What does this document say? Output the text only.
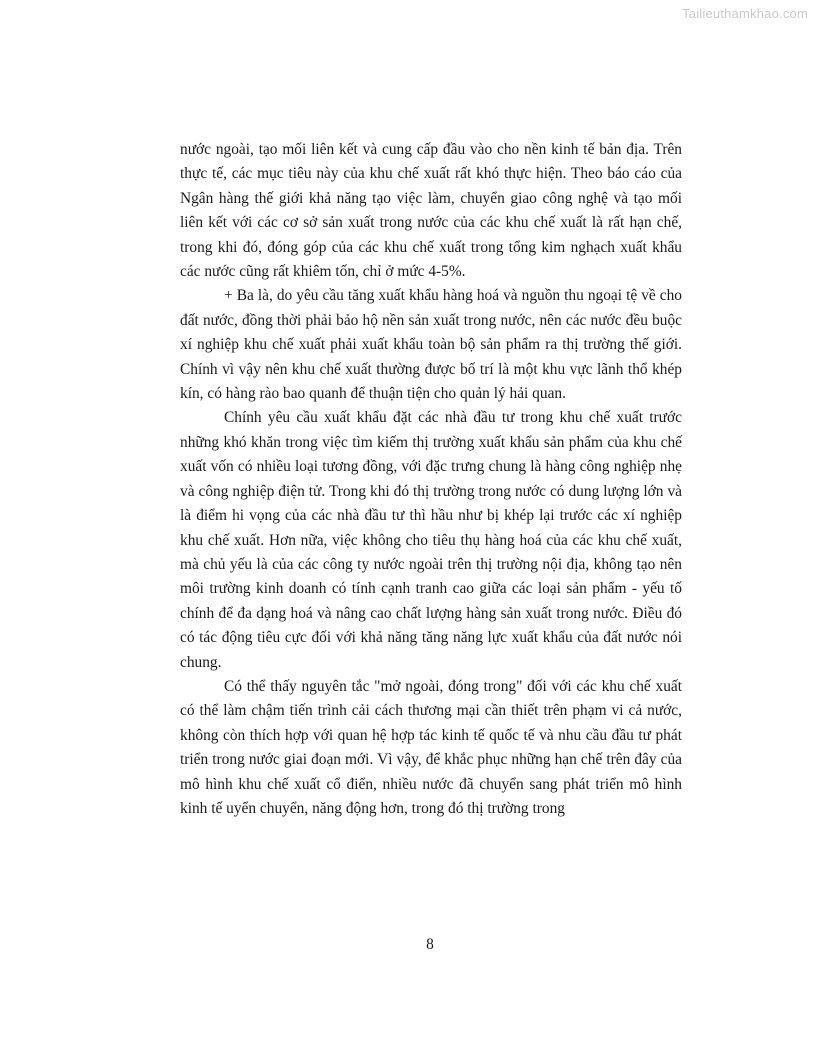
Tailieuthamkhao.com

nước ngoài, tạo mối liên kết và cung cấp đầu vào cho nền kinh tế bản địa. Trên thực tế, các mục tiêu này của khu chế xuất rất khó thực hiện. Theo báo cáo của Ngân hàng thế giới khả năng tạo việc làm, chuyển giao công nghệ và tạo mối liên kết với các cơ sở sản xuất trong nước của các khu chế xuất là rất hạn chế, trong khi đó, đóng góp của các khu chế xuất trong tổng kim nghạch xuất khẩu các nước cũng rất khiêm tốn, chỉ ở mức 4-5%.

+ Ba là, do yêu cầu tăng xuất khẩu hàng hoá và nguồn thu ngoại tệ về cho đất nước, đồng thời phải bảo hộ nền sản xuất trong nước, nên các nước đều buộc xí nghiệp khu chế xuất phải xuất khẩu toàn bộ sản phẩm ra thị trường thế giới. Chính vì vậy nên khu chế xuất thường được bố trí là một khu vực lãnh thổ khép kín, có hàng rào bao quanh để thuận tiện cho quản lý hải quan.

Chính yêu cầu xuất khẩu đặt các nhà đầu tư trong khu chế xuất trước những khó khăn trong việc tìm kiếm thị trường xuất khẩu sản phẩm của khu chế xuất vốn có nhiều loại tương đồng, với đặc trưng chung là hàng công nghiệp nhẹ và công nghiệp điện tử. Trong khi đó thị trường trong nước có dung lượng lớn và là điểm hi vọng của các nhà đầu tư thì hầu như bị khép lại trước các xí nghiệp khu chế xuất. Hơn nữa, việc không cho tiêu thụ hàng hoá của các khu chế xuất, mà chủ yếu là của các công ty nước ngoài trên thị trường nội địa, không tạo nên môi trường kinh doanh có tính cạnh tranh cao giữa các loại sản phẩm - yếu tố chính để đa dạng hoá và nâng cao chất lượng hàng sản xuất trong nước. Điều đó có tác động tiêu cực đối với khả năng tăng năng lực xuất khẩu của đất nước nói chung.

Có thể thấy nguyên tắc "mở ngoài, đóng trong" đối với các khu chế xuất có thể làm chậm tiến trình cải cách thương mại cần thiết trên phạm vi cả nước, không còn thích hợp với quan hệ hợp tác kinh tế quốc tế và nhu cầu đầu tư phát triển trong nước giai đoạn mới. Vì vậy, để khắc phục những hạn chế trên đây của mô hình khu chế xuất cổ điển, nhiều nước đã chuyển sang phát triển mô hình kinh tế uyển chuyển, năng động hơn, trong đó thị trường trong

8
